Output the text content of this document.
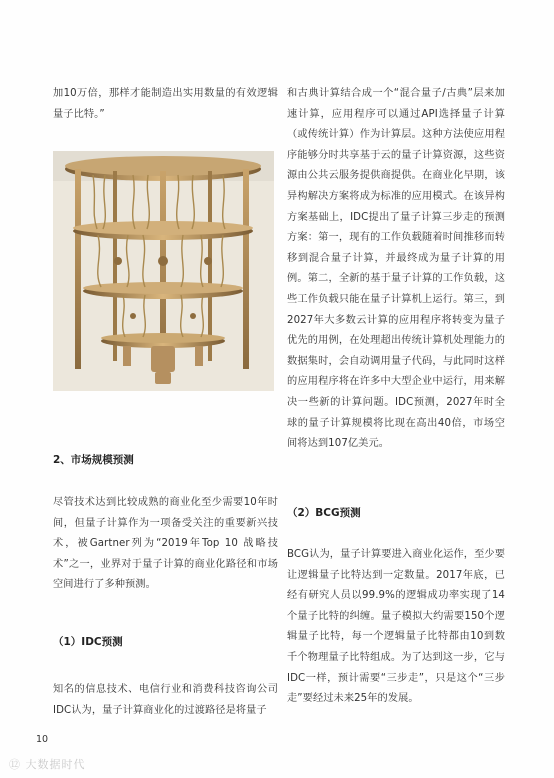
加10万倍，那样才能制造出实用数量的有效逻辑量子比特。”
2、市场规模预测
尽管技术达到比较成熟的商业化至少需要10年时间，但量子计算作为一项备受关注的重要新兴技术，被Gartner列为“2019年Top 10 战略技术”之一，业界对于量子计算的商业化路径和市场空间进行了多种预测。
（1）IDC预测
知名的信息技术、电信行业和消费科技咨询公司IDC认为，量子计算商业化的过渡路径是将量子
和古典计算结合成一个“混合量子/古典”层来加速计算，应用程序可以通过API选择量子计算（或传统计算）作为计算层。这种方法使应用程序能够分时共享基于云的量子计算资源，这些资源由公共云服务提供商提供。在商业化早期，该异构解决方案将成为标准的应用模式。在该异构方案基础上，IDC提出了量子计算三步走的预测方案：第一，现有的工作负载随着时间推移而转移到混合量子计算，并最终成为量子计算的用例。第二，全新的基于量子计算的工作负载，这些工作负载只能在量子计算机上运行。第三，到2027年大多数云计算的应用程序将转变为量子优先的用例，在处理超出传统计算机处理能力的数据集时，会自动调用量子代码，与此同时这样的应用程序将在许多中大型企业中运行，用来解决一些新的计算问题。IDC预测，2027年时全球的量子计算规模将比现在高出40倍，市场空间将达到107亿美元。
（2）BCG预测
BCG认为，量子计算要进入商业化运作，至少要让逻辑量子比特达到一定数量。2017年底，已经有研究人员以99.9%的逻辑成功率实现了14个量子比特的纠缠。量子模拟大约需要150个逻辑量子比特，每一个逻辑量子比特都由10到数千个物理量子比特组成。为了达到这一步，它与IDC一样，预计需要“三步走”，只是这个“三步走”要经过未来25年的发展。
10
⑫ 大数据时代
